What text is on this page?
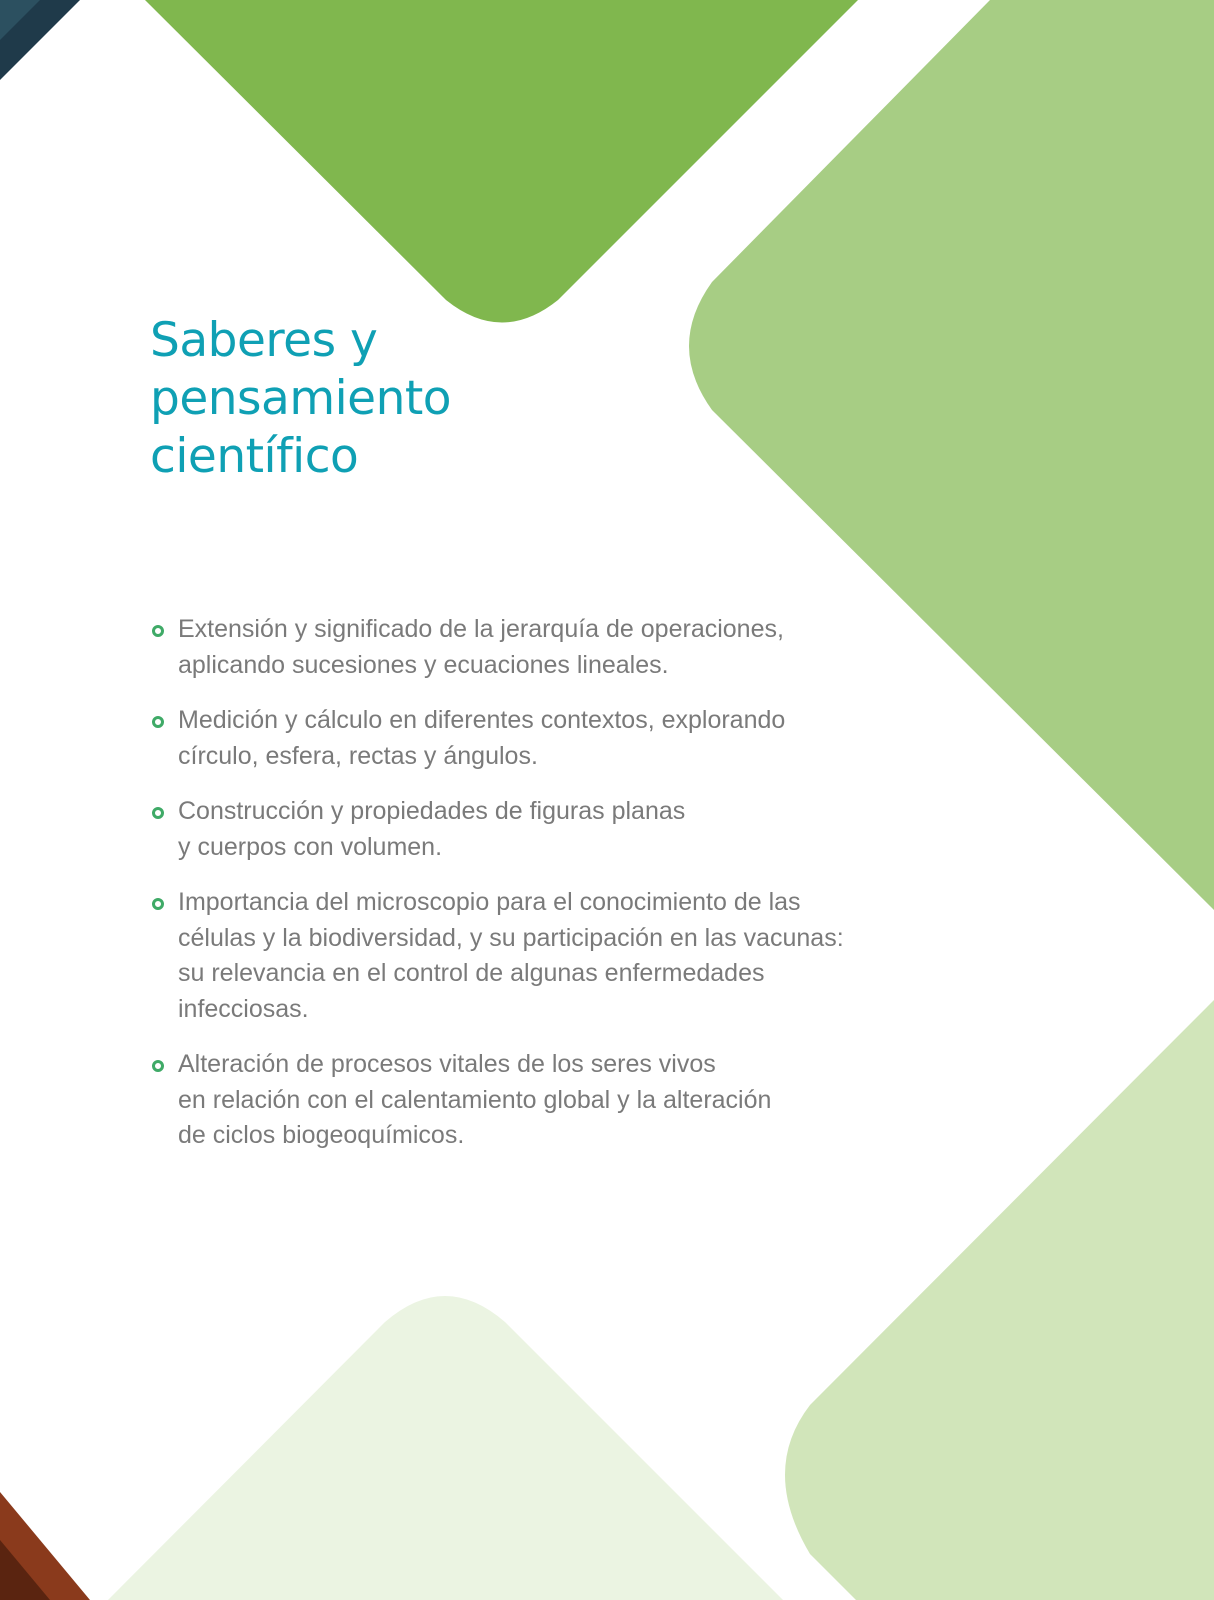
Saberes y
pensamiento
científico
Extensión y significado de la jerarquía de operaciones,
aplicando sucesiones y ecuaciones lineales.
Medición y cálculo en diferentes contextos, explorando
círculo, esfera, rectas y ángulos.
Construcción y propiedades de figuras planas
y cuerpos con volumen.
Importancia del microscopio para el conocimiento de las
células y la biodiversidad, y su participación en las vacunas:
su relevancia en el control de algunas enfermedades
infecciosas.
Alteración de procesos vitales de los seres vivos
en relación con el calentamiento global y la alteración
de ciclos biogeoquímicos.
